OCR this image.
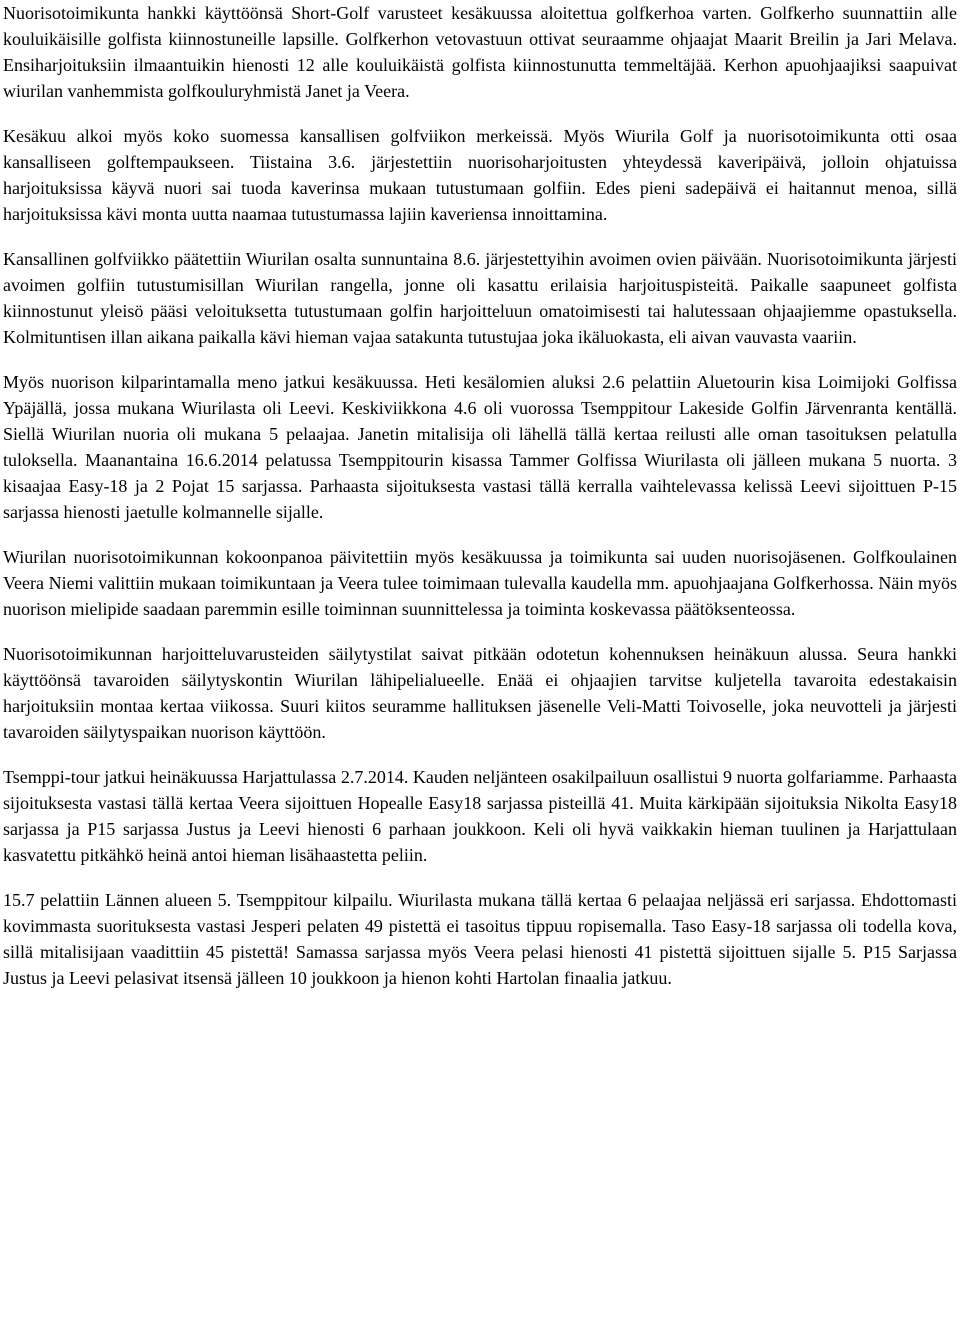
Nuorisotoimikunta hankki käyttöönsä Short-Golf varusteet kesäkuussa aloitettua golfkerhoa varten. Golfkerho suunnattiin alle kouluikäisille golfista kiinnostuneille lapsille. Golfkerhon vetovastuun ottivat seuraamme ohjaajat Maarit Breilin ja Jari Melava. Ensiharjoituksiin ilmaantuikin hienosti 12 alle kouluikäistä golfista kiinnostunutta temmeltäjää. Kerhon apuohjaajiksi saapuivat wiurilan vanhemmista golfkouluryhmistä Janet ja Veera.

Kesäkuu alkoi myös koko suomessa kansallisen golfviikon merkeissä. Myös Wiurila Golf ja nuorisotoimikunta otti osaa kansalliseen golftempaukseen. Tiistaina 3.6. järjestettiin nuorisoharjoitusten yhteydessä kaveripäivä, jolloin ohjatuissa harjoituksissa käyvä nuori sai tuoda kaverinsa mukaan tutustumaan golfiin. Edes pieni sadepäivä ei haitannut menoa, sillä harjoituksissa kävi monta uutta naamaa tutustumassa lajiin kaveriensa innoittamina.

Kansallinen golfviikko päätettiin Wiurilan osalta sunnuntaina 8.6. järjestettyihin avoimen ovien päivään. Nuorisotoimikunta järjesti avoimen golfiin tutustumisillan Wiurilan rangella, jonne oli kasattu erilaisia harjoituspisteitä. Paikalle saapuneet golfista kiinnostunut yleisö pääsi veloituksetta tutustumaan golfin harjoitteluun omatoimisesti tai halutessaan ohjaajiemme opastuksella. Kolmituntisen illan aikana paikalla kävi hieman vajaa satakunta tutustujaa joka ikäluokasta, eli aivan vauvasta vaariin.

Myös nuorison kilparintamalla meno jatkui kesäkuussa. Heti kesälomien aluksi 2.6 pelattiin Aluetourin kisa Loimijoki Golfissa Ypäjällä, jossa mukana Wiurilasta oli Leevi. Keskiviikkona 4.6 oli vuorossa Tsemppitour Lakeside Golfin Järvenranta kentällä. Siellä Wiurilan nuoria oli mukana 5 pelaajaa. Janetin mitalisija oli lähellä tällä kertaa reilusti alle oman tasoituksen pelatulla tuloksella. Maanantaina 16.6.2014 pelatussa Tsemppitourin kisassa Tammer Golfissa Wiurilasta oli jälleen mukana 5 nuorta. 3 kisaajaa Easy-18 ja 2 Pojat 15 sarjassa. Parhaasta sijoituksesta vastasi tällä kerralla vaihtelevassa kelissä Leevi sijoittuen P-15 sarjassa hienosti jaetulle kolmannelle sijalle.

Wiurilan nuorisotoimikunnan kokoonpanoa päivitettiin myös kesäkuussa ja toimikunta sai uuden nuorisojäsenen. Golfkoulainen Veera Niemi valittiin mukaan toimikuntaan ja Veera tulee toimimaan tulevalla kaudella mm. apuohjaajana Golfkerhossa. Näin myös nuorison mielipide saadaan paremmin esille toiminnan suunnittelessa ja toiminta koskevassa päätöksenteossa.

Nuorisotoimikunnan harjoitteluvarusteiden säilytystilat saivat pitkään odotetun kohennuksen heinäkuun alussa. Seura hankki käyttöönsä tavaroiden säilytyskontin Wiurilan lähipelialueelle. Enää ei ohjaajien tarvitse kuljetella tavaroita edestakaisin harjoituksiin montaa kertaa viikossa. Suuri kiitos seuramme hallituksen jäsenelle Veli-Matti Toivoselle, joka neuvotteli ja järjesti tavaroiden säilytyspaikan nuorison käyttöön.

Tsemppi-tour jatkui heinäkuussa Harjattulassa 2.7.2014. Kauden neljänteen osakilpailuun osallistui 9 nuorta golfariamme. Parhaasta sijoituksesta vastasi tällä kertaa Veera sijoittuen Hopealle Easy18 sarjassa pisteillä 41. Muita kärkipään sijoituksia Nikolta Easy18 sarjassa ja P15 sarjassa Justus ja Leevi hienosti 6 parhaan joukkoon. Keli oli hyvä vaikkakin hieman tuulinen ja Harjattulaan kasvatettu pitkähkö heinä antoi hieman lisähaastetta peliin.

15.7 pelattiin Lännen alueen 5. Tsemppitour kilpailu. Wiurilasta mukana tällä kertaa 6 pelaajaa neljässä eri sarjassa. Ehdottomasti kovimmasta suorituksesta vastasi Jesperi pelaten 49 pistettä ei tasoitus tippuu ropisemalla. Taso Easy-18 sarjassa oli todella kova, sillä mitalisijaan vaadittiin 45 pistettä! Samassa sarjassa myös Veera pelasi hienosti 41 pistettä sijoittuen sijalle 5. P15 Sarjassa Justus ja Leevi pelasivat itsensä jälleen 10 joukkoon ja hienon kohti Hartolan finaalia jatkuu.
